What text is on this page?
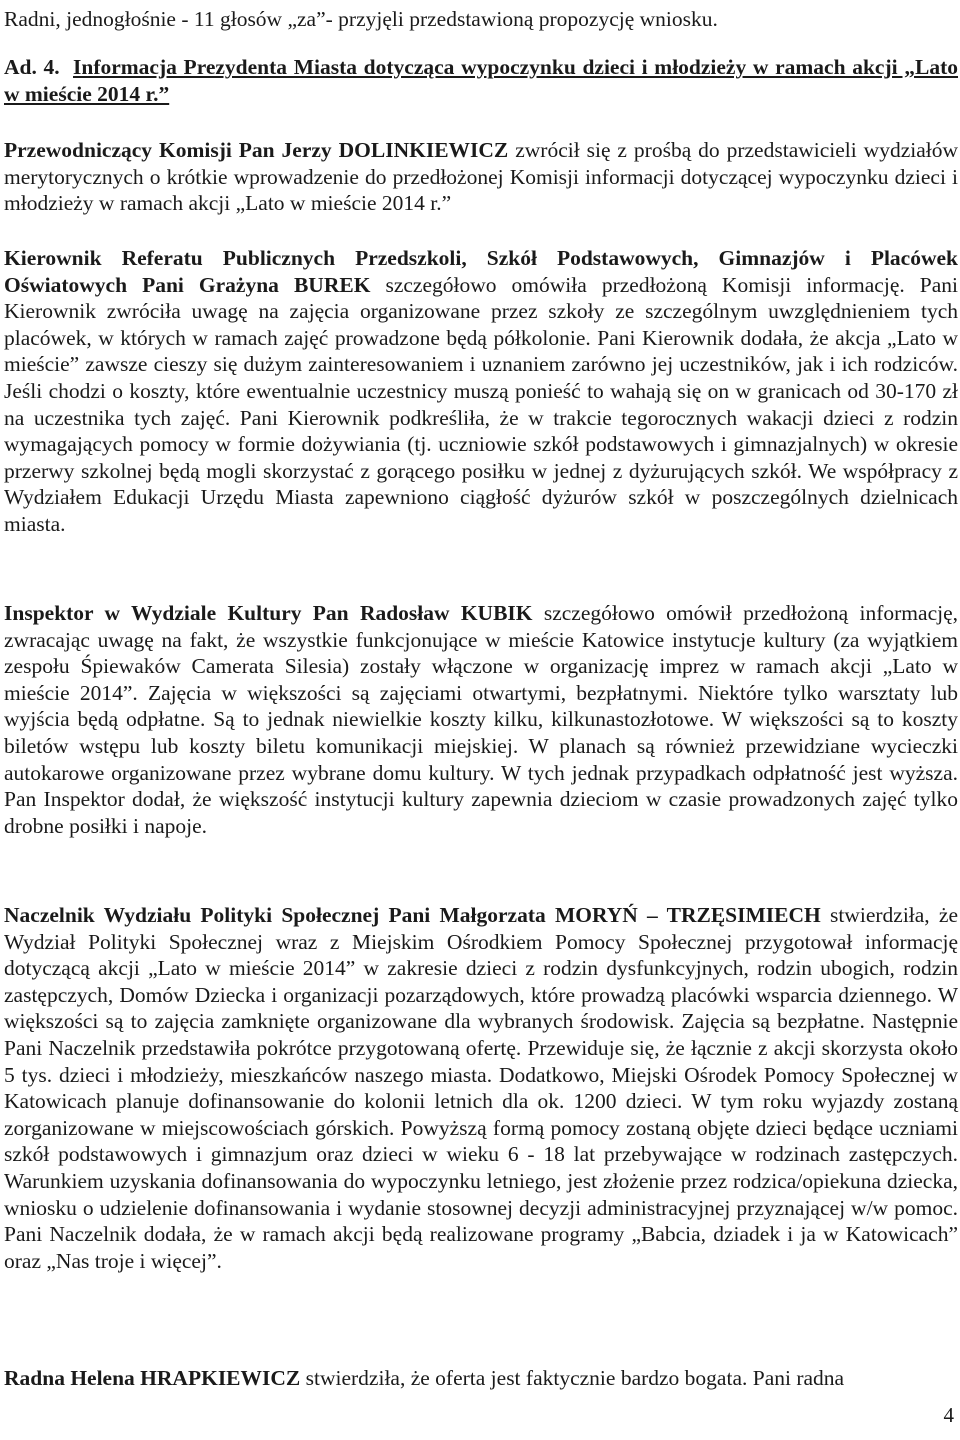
Radni, jednogłośnie - 11 głosów „za”- przyjęli przedstawioną propozycję wniosku.

Ad. 4. Informacja Prezydenta Miasta dotycząca wypoczynku dzieci i młodzieży w ramach akcji „Lato w mieście 2014 r.”

Przewodniczący Komisji Pan Jerzy DOLINKIEWICZ zwrócił się z prośbą do przedstawicieli wydziałów merytorycznych o krótkie wprowadzenie do przedłożonej Komisji informacji dotyczącej wypoczynku dzieci i młodzieży w ramach akcji „Lato w mieście 2014 r.”

Kierownik Referatu Publicznych Przedszkoli, Szkół Podstawowych, Gimnazjów i Placówek Oświatowych Pani Grażyna BUREK szczegółowo omówiła przedłożoną Komisji informację. Pani Kierownik zwróciła uwagę na zajęcia organizowane przez szkoły ze szczególnym uwzględnieniem tych placówek, w których w ramach zajęć prowadzone będą półkolonie. Pani Kierownik dodała, że akcja „Lato w mieście” zawsze cieszy się dużym zainteresowaniem i uznaniem zarówno jej uczestników, jak i ich rodziców. Jeśli chodzi o koszty, które ewentualnie uczestnicy muszą ponieść to wahają się on w granicach od 30-170 zł na uczestnika tych zajęć. Pani Kierownik podkreśliła, że w trakcie tegorocznych wakacji dzieci z rodzin wymagających pomocy w formie dożywiania (tj. uczniowie szkół podstawowych i gimnazjalnych) w okresie przerwy szkolnej będą mogli skorzystać z gorącego posiłku w jednej z dyżurujących szkół. We współpracy z Wydziałem Edukacji Urzędu Miasta zapewniono ciągłość dyżurów szkół w poszczególnych dzielnicach miasta.

Inspektor w Wydziale Kultury Pan Radosław KUBIK szczegółowo omówił przedłożoną informację, zwracając uwagę na fakt, że wszystkie funkcjonujące w mieście Katowice instytucje kultury (za wyjątkiem zespołu Śpiewaków Camerata Silesia) zostały włączone w organizację imprez w ramach akcji „Lato w mieście 2014”. Zajęcia w większości są zajęciami otwartymi, bezpłatnymi. Niektóre tylko warsztaty lub wyjścia będą odpłatne. Są to jednak niewielkie koszty kilku, kilkunastozłotowe. W większości są to koszty biletów wstępu lub koszty biletu komunikacji miejskiej. W planach są również przewidziane wycieczki autokarowe organizowane przez wybrane domu kultury. W tych jednak przypadkach odpłatność jest wyższa. Pan Inspektor dodał, że większość instytucji kultury zapewnia dzieciom w czasie prowadzonych zajęć tylko drobne posiłki i napoje.

Naczelnik Wydziału Polityki Społecznej Pani Małgorzata MORYŃ – TRZĘSIMIECH stwierdziła, że Wydział Polityki Społecznej wraz z Miejskim Ośrodkiem Pomocy Społecznej przygotował informację dotyczącą akcji „Lato w mieście 2014” w zakresie dzieci z rodzin dysfunkcyjnych, rodzin ubogich, rodzin zastępczych, Domów Dziecka i organizacji pozarządowych, które prowadzą placówki wsparcia dziennego. W większości są to zajęcia zamknięte organizowane dla wybranych środowisk. Zajęcia są bezpłatne. Następnie Pani Naczelnik przedstawiła pokrótce przygotowaną ofertę. Przewiduje się, że łącznie z akcji skorzysta około 5 tys. dzieci i młodzieży, mieszkańców naszego miasta. Dodatkowo, Miejski Ośrodek Pomocy Społecznej w Katowicach planuje dofinansowanie do kolonii letnich dla ok. 1200 dzieci. W tym roku wyjazdy zostaną zorganizowane w miejscowościach górskich. Powyższą formą pomocy zostaną objęte dzieci będące uczniami szkół podstawowych i gimnazjum oraz dzieci w wieku 6 - 18 lat przebywające w rodzinach zastępczych. Warunkiem uzyskania dofinansowania do wypoczynku letniego, jest złożenie przez rodzica/opiekuna dziecka, wniosku o udzielenie dofinansowania i wydanie stosownej decyzji administracyjnej przyznającej w/w pomoc. Pani Naczelnik dodała, że w ramach akcji będą realizowane programy „Babcia, dziadek i ja w Katowicach” oraz „Nas troje i więcej”.

Radna Helena HRAPKIEWICZ stwierdziła, że oferta jest faktycznie bardzo bogata. Pani radna

4
